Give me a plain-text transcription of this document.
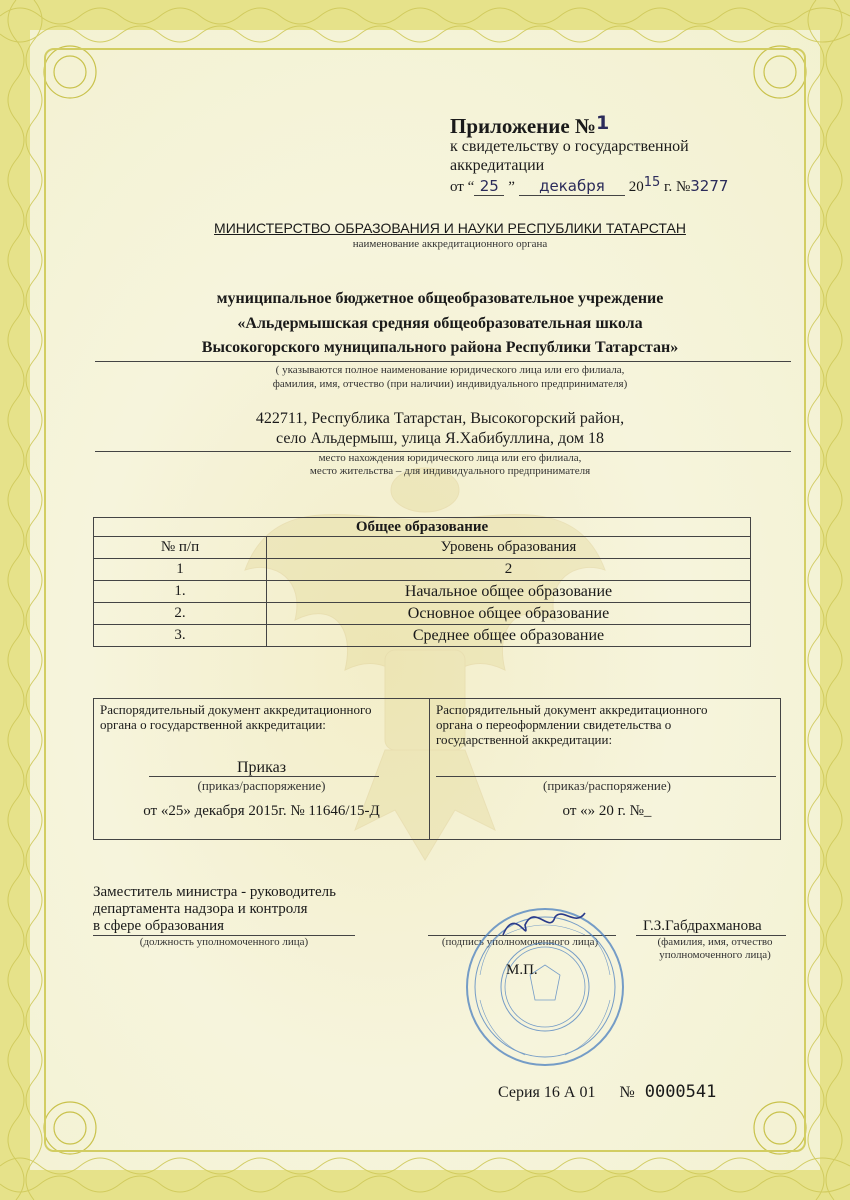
Приложение №1
к свидетельству о государственной
аккредитации
от “ 25 ” декабря 2015 г. №3277
МИНИСТЕРСТВО ОБРАЗОВАНИЯ И НАУКИ РЕСПУБЛИКИ ТАТАРСТАН
наименование аккредитационного органа
муниципальное бюджетное общеобразовательное учреждение
«Альдермышская средняя общеобразовательная школа
Высокогорского муниципального района Республики Татарстан»
( указываются полное наименование юридического лица или его филиала,
фамилия, имя, отчество (при наличии) индивидуального предпринимателя)
422711, Республика Татарстан, Высокогорский район,
село Альдермыш, улица Я.Хабибуллина, дом 18
место нахождения юридического лица или его филиала,
место жительства – для индивидуального предпринимателя
Общее образование	
№ п/п	Уровень образования
1	2
1.	Начальное общее образование
2.	Основное общее образование
3.	Среднее общее образование
Распорядительный документ аккредитационного
органа о государственной аккредитации:
Приказ
(приказ/распоряжение)
от «25» декабря 2015г. № 11646/15-Д
Распорядительный документ аккредитационного
органа о переоформлении свидетельства о
государственной аккредитации:
(приказ/распоряжение)
от «» 20 г. №_
Заместитель министра - руководитель
департамента надзора и контроля
в сфере образования
(должность уполномоченного лица)	(подпись уполномоченного лица)
Г.З.Габдрахманова
(фамилия, имя, отчество
уполномоченного лица)
М.П.
Серия 16 А 01 № 0000541
